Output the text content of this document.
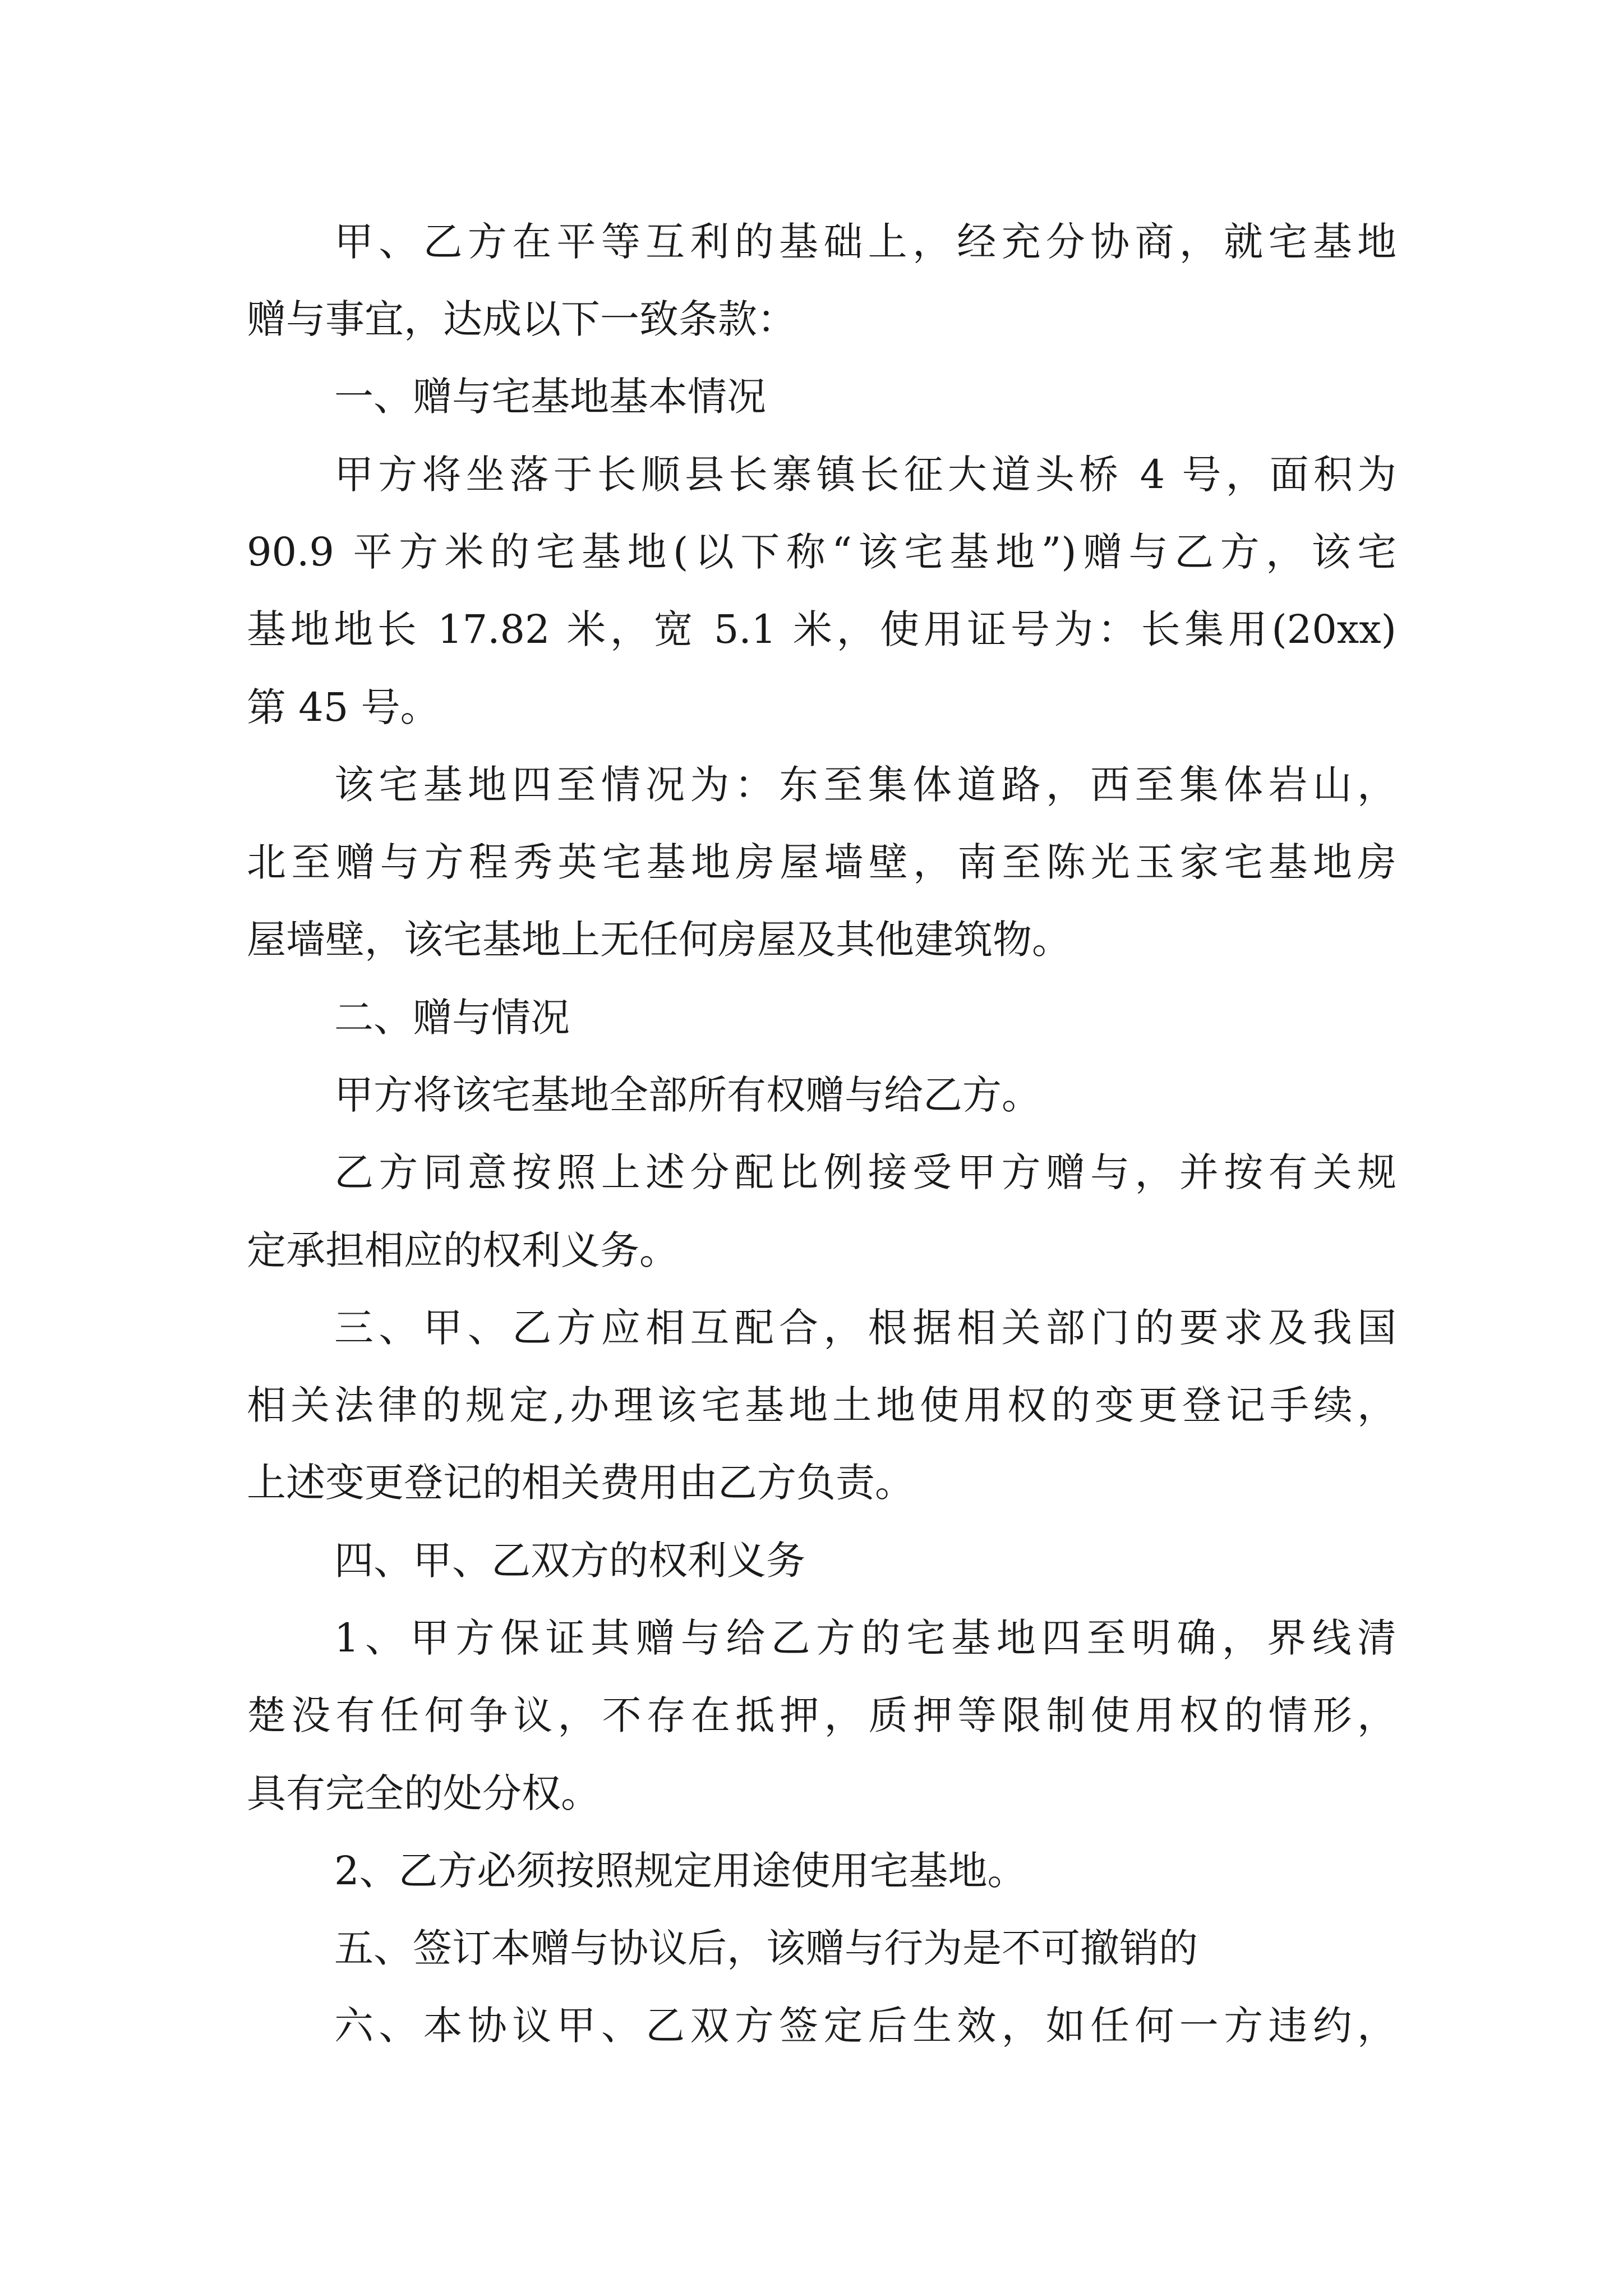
甲、乙方在平等互利的基础上，经充分协商，就宅基地
赠与事宜，达成以下一致条款：
一、赠与宅基地基本情况
甲方将坐落于长顺县长寨镇长征大道头桥 4 号，面积为
90.9 平方米的宅基地(以下称“该宅基地”)赠与乙方，该宅
基地地长 17.82 米，宽 5.1 米，使用证号为：长集用(20xx)
第 45 号。
该宅基地四至情况为：东至集体道路，西至集体岩山，
北至赠与方程秀英宅基地房屋墙壁，南至陈光玉家宅基地房
屋墙壁，该宅基地上无任何房屋及其他建筑物。
二、赠与情况
甲方将该宅基地全部所有权赠与给乙方。
乙方同意按照上述分配比例接受甲方赠与，并按有关规
定承担相应的权利义务。
三、甲、乙方应相互配合，根据相关部门的要求及我国
相关法律的规定,办理该宅基地土地使用权的变更登记手续，
上述变更登记的相关费用由乙方负责。
四、甲、乙双方的权利义务
1、甲方保证其赠与给乙方的宅基地四至明确，界线清
楚没有任何争议，不存在抵押，质押等限制使用权的情形，
具有完全的处分权。
2、乙方必须按照规定用途使用宅基地。
五、签订本赠与协议后，该赠与行为是不可撤销的
六、本协议甲、乙双方签定后生效，如任何一方违约，
